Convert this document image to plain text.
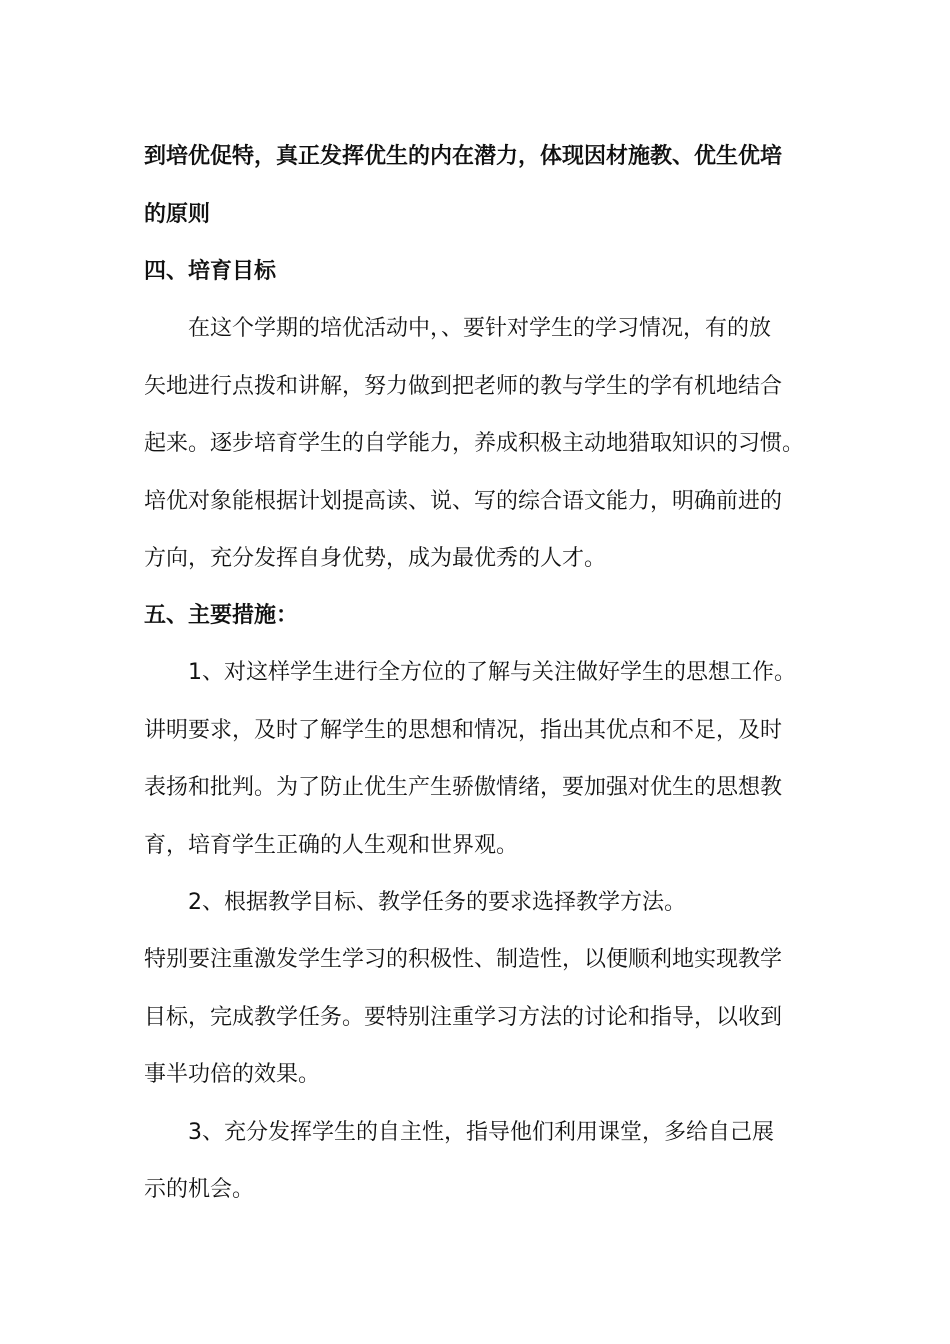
到培优促特，真正发挥优生的内在潜力，体现因材施教、优生优培
的原则
四、培育目标
在这个学期的培优活动中，、要针对学生的学习情况，有的放
矢地进行点拨和讲解，努力做到把老师的教与学生的学有机地结合
起来。逐步培育学生的自学能力，养成积极主动地猎取知识的习惯。
培优对象能根据计划提高读、说、写的综合语文能力，明确前进的
方向，充分发挥自身优势，成为最优秀的人才。
五、主要措施：
1、对这样学生进行全方位的了解与关注做好学生的思想工作。
讲明要求，及时了解学生的思想和情况，指出其优点和不足，及时
表扬和批判。为了防止优生产生骄傲情绪，要加强对优生的思想教
育，培育学生正确的人生观和世界观。
2、根据教学目标、教学任务的要求选择教学方法。
特别要注重激发学生学习的积极性、制造性，以便顺利地实现教学
目标，完成教学任务。要特别注重学习方法的讨论和指导，以收到
事半功倍的效果。
3、充分发挥学生的自主性，指导他们利用课堂，多给自己展
示的机会。
